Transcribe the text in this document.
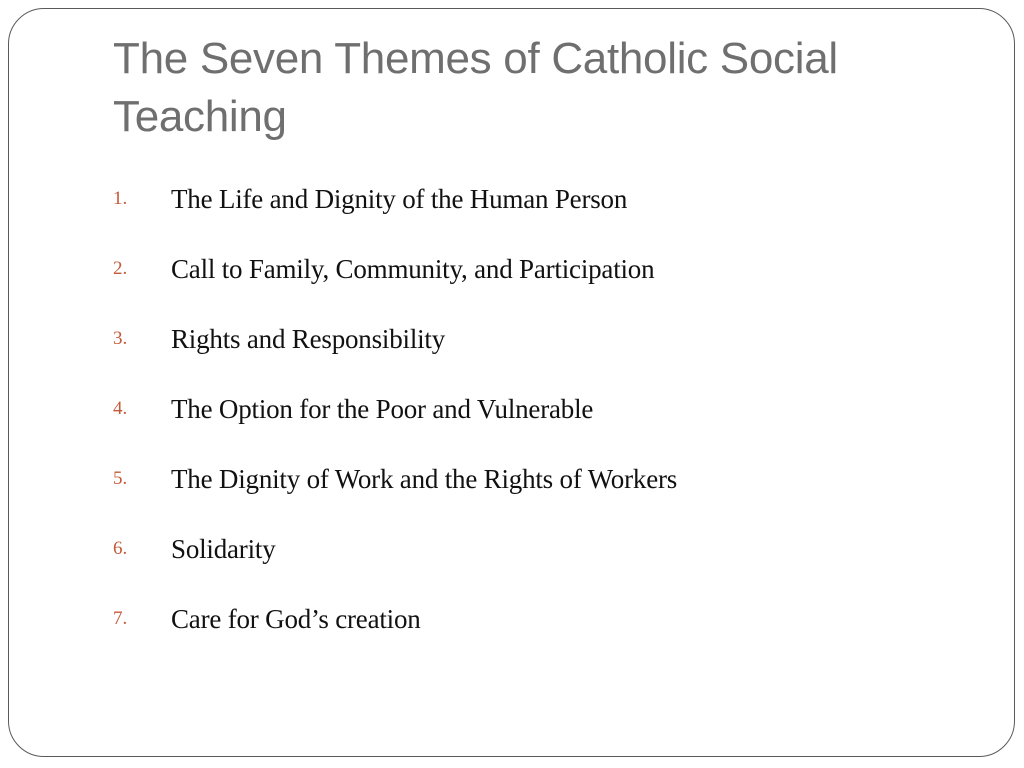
The Seven Themes of Catholic Social Teaching
1. The Life and Dignity of the Human Person
2. Call to Family, Community, and Participation
3. Rights and Responsibility
4. The Option for the Poor and Vulnerable
5. The Dignity of Work and the Rights of Workers
6. Solidarity
7. Care for God’s creation
